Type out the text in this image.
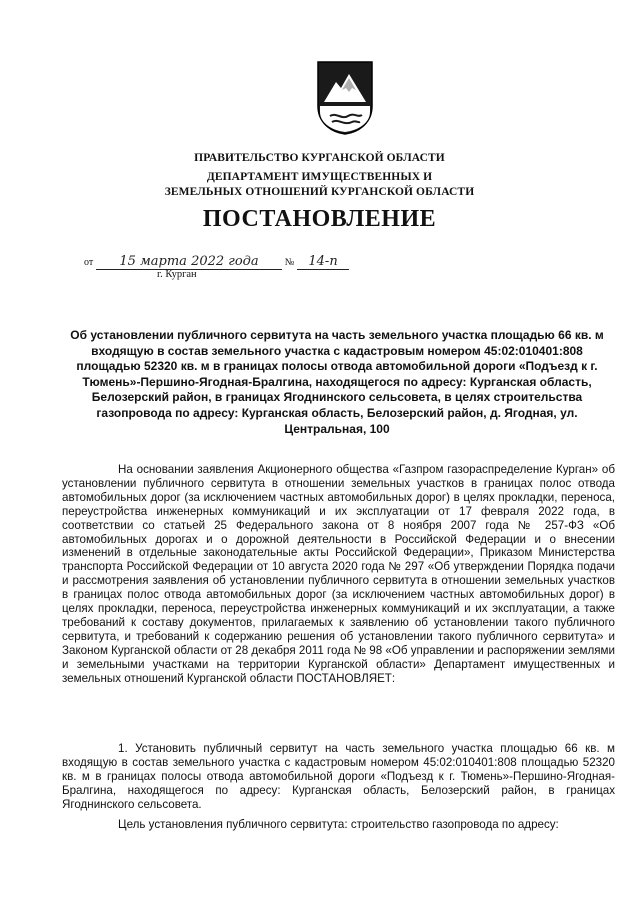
ПРАВИТЕЛЬСТВО КУРГАНСКОЙ ОБЛАСТИ
ДЕПАРТАМЕНТ ИМУЩЕСТВЕННЫХ И
ЗЕМЕЛЬНЫХ ОТНОШЕНИЙ КУРГАНСКОЙ ОБЛАСТИ
ПОСТАНОВЛЕНИЕ
от 15 марта 2022 года	№ 14-п
г. Курган
Об установлении публичного сервитута на часть земельного участка площадью 66 кв. м входящую в состав земельного участка с кадастровым номером 45:02:010401:808 площадью 52320 кв. м в границах полосы отвода автомобильной дороги «Подъезд к г. Тюмень»-Першино-Ягодная-Бралгина, находящегося по адресу: Курганская область, Белозерский район, в границах Ягоднинского сельсовета, в целях строительства газопровода по адресу: Курганская область, Белозерский район, д. Ягодная, ул. Центральная, 100
На основании заявления Акционерного общества «Газпром газораспределение Курган» об установлении публичного сервитута в отношении земельных участков в границах полос отвода автомобильных дорог (за исключением частных автомобильных дорог) в целях прокладки, переноса, переустройства инженерных коммуникаций и их эксплуатации от 17 февраля 2022 года, в соответствии со статьей 25 Федерального закона от 8 ноября 2007 года № 257-ФЗ «Об автомобильных дорогах и о дорожной деятельности в Российской Федерации и о внесении изменений в отдельные законодательные акты Российской Федерации», Приказом Министерства транспорта Российской Федерации от 10 августа 2020 года № 297 «Об утверждении Порядка подачи и рассмотрения заявления об установлении публичного сервитута в отношении земельных участков в границах полос отвода автомобильных дорог (за исключением частных автомобильных дорог) в целях прокладки, переноса, переустройства инженерных коммуникаций и их эксплуатации, а также требований к составу документов, прилагаемых к заявлению об установлении такого публичного сервитута, и требований к содержанию решения об установлении такого публичного сервитута» и Законом Курганской области от 28 декабря 2011 года № 98 «Об управлении и распоряжении землями и земельными участками на территории Курганской области» Департамент имущественных и земельных отношений Курганской области ПОСТАНОВЛЯЕТ:
1. Установить публичный сервитут на часть земельного участка площадью 66 кв. м входящую в состав земельного участка с кадастровым номером 45:02:010401:808 площадью 52320 кв. м в границах полосы отвода автомобильной дороги «Подъезд к г. Тюмень»-Першино-Ягодная-Бралгина, находящегося по адресу: Курганская область, Белозерский район, в границах Ягоднинского сельсовета.
Цель установления публичного сервитута: строительство газопровода по адресу:
